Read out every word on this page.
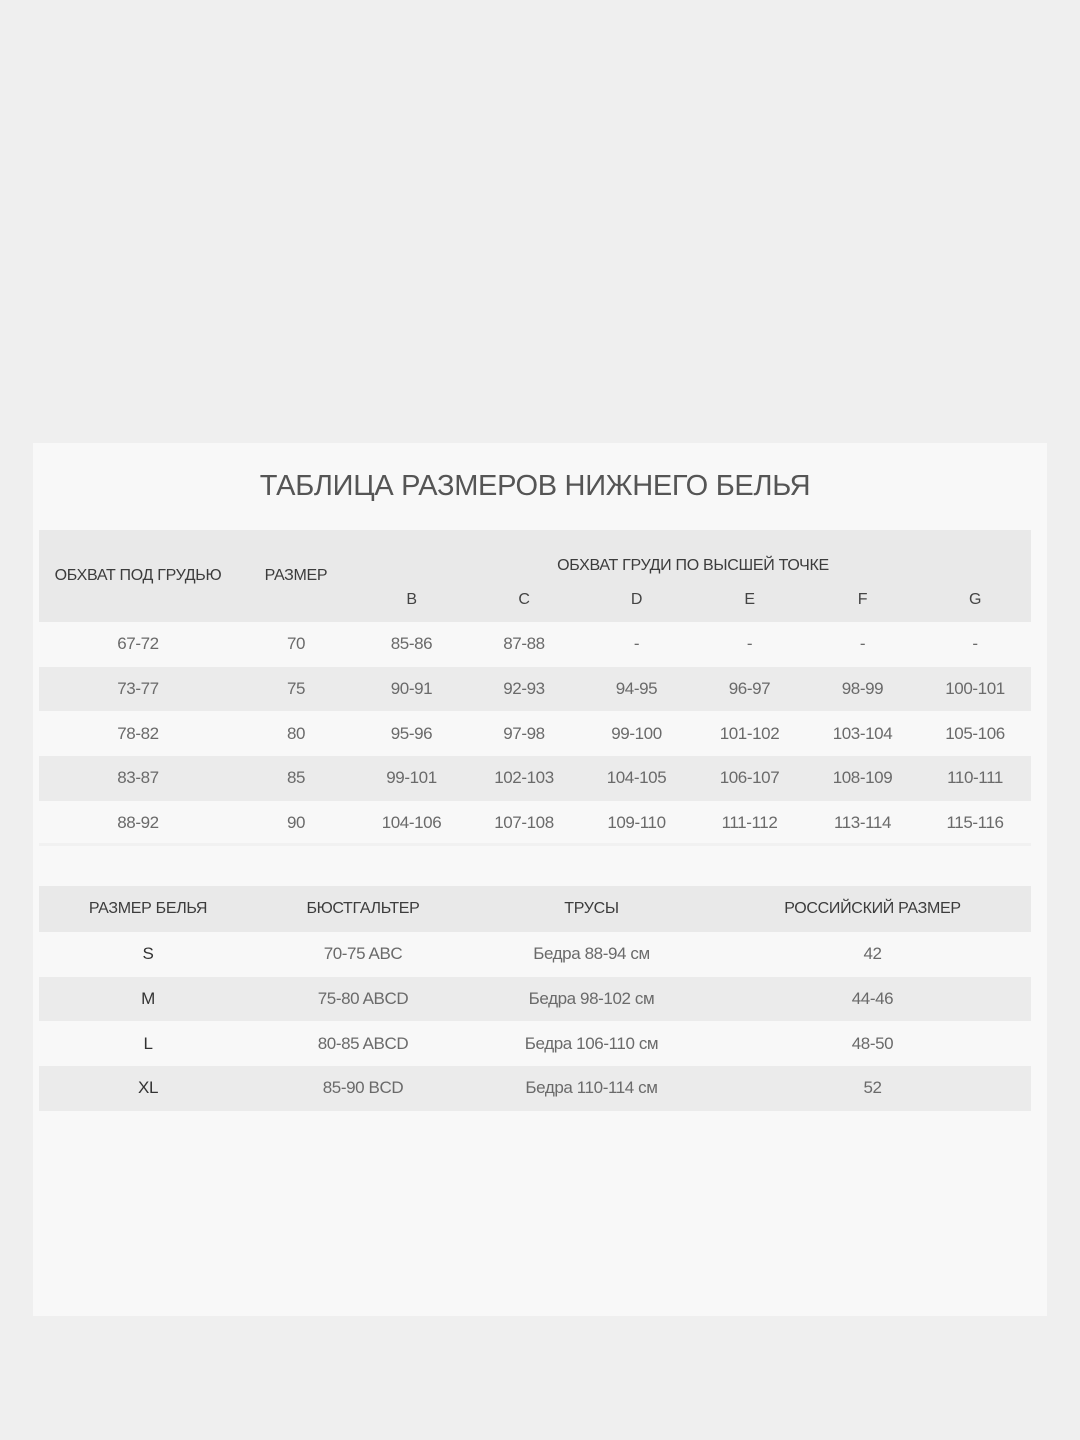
ТАБЛИЦА РАЗМЕРОВ НИЖНЕГО БЕЛЬЯ
ОБХВАТ ПОД ГРУДЬЮ	РАЗМЕР	ОБХВАТ ГРУДИ ПО ВЫСШЕЙ ТОЧКЕ					
		B	C	D	E	F	G
67-72	70	85-86	87-88	-	-	-	-
73-77	75	90-91	92-93	94-95	96-97	98-99	100-101
78-82	80	95-96	97-98	99-100	101-102	103-104	105-106
83-87	85	99-101	102-103	104-105	106-107	108-109	110-111
88-92	90	104-106	107-108	109-110	111-112	113-114	115-116
РАЗМЕР БЕЛЬЯ	БЮСТГАЛЬТЕР	ТРУСЫ	РОССИЙСКИЙ РАЗМЕР
S	70-75 ABC	Бедра 88-94 см	42
M	75-80 ABCD	Бедра 98-102 см	44-46
L	80-85 ABCD	Бедра 106-110 см	48-50
XL	85-90 BCD	Бедра 110-114 см	52
